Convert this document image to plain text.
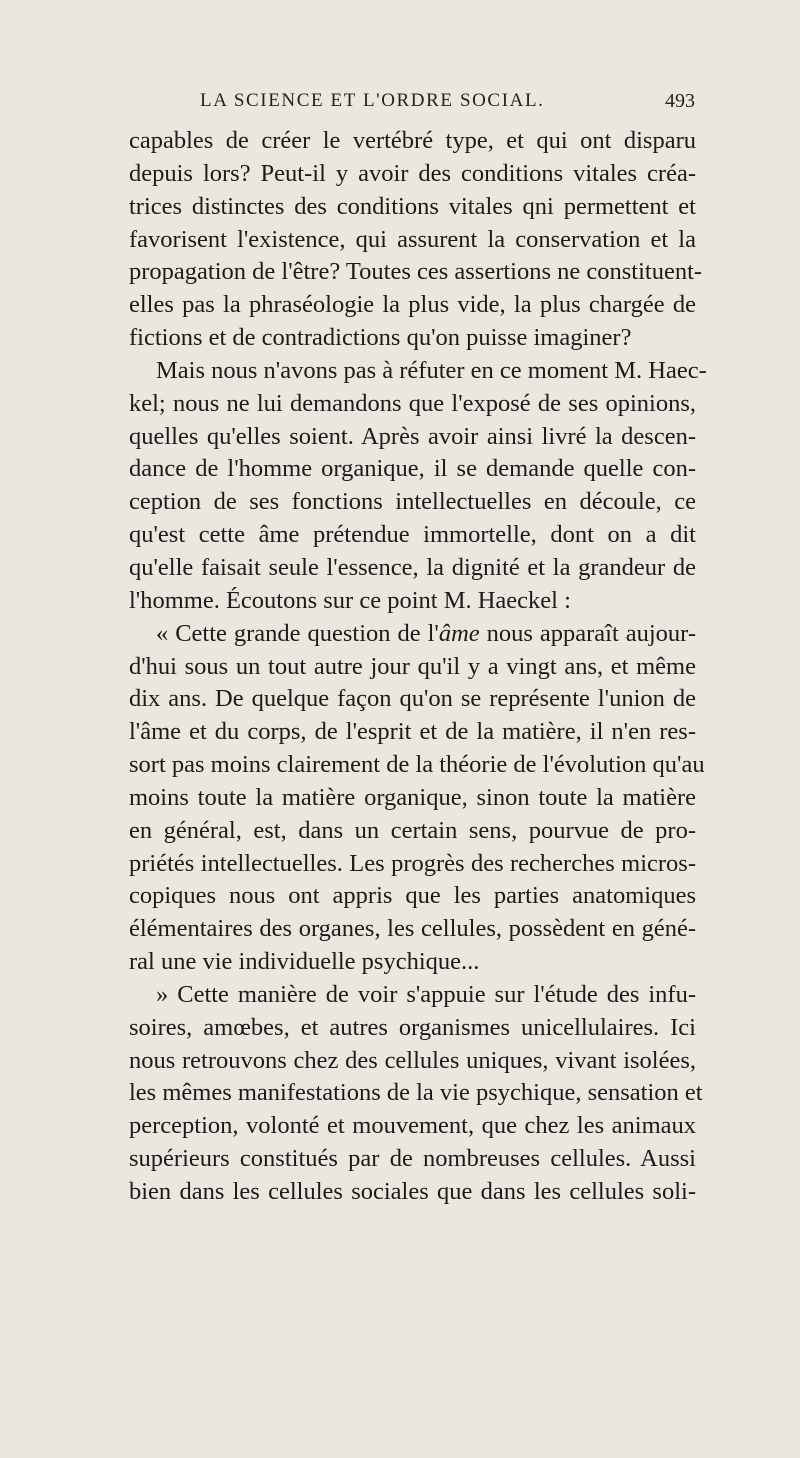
LA SCIENCE ET L'ORDRE SOCIAL.	493
capables de créer le vertébré type, et qui ont disparu
depuis lors? Peut-il y avoir des conditions vitales créa-
trices distinctes des conditions vitales qni permettent et
favorisent l'existence, qui assurent la conservation et la
propagation de l'être? Toutes ces assertions ne constituent-
elles pas la phraséologie la plus vide, la plus chargée de
fictions et de contradictions qu'on puisse imaginer?
Mais nous n'avons pas à réfuter en ce moment M. Haec-
kel; nous ne lui demandons que l'exposé de ses opinions,
quelles qu'elles soient. Après avoir ainsi livré la descen-
dance de l'homme organique, il se demande quelle con-
ception de ses fonctions intellectuelles en découle, ce
qu'est cette âme prétendue immortelle, dont on a dit
qu'elle faisait seule l'essence, la dignité et la grandeur de
l'homme. Écoutons sur ce point M. Haeckel :
« Cette grande question de l'âme nous apparaît aujour-
d'hui sous un tout autre jour qu'il y a vingt ans, et même
dix ans. De quelque façon qu'on se représente l'union de
l'âme et du corps, de l'esprit et de la matière, il n'en res-
sort pas moins clairement de la théorie de l'évolution qu'au
moins toute la matière organique, sinon toute la matière
en général, est, dans un certain sens, pourvue de pro-
priétés intellectuelles. Les progrès des recherches micros-
copiques nous ont appris que les parties anatomiques
élémentaires des organes, les cellules, possèdent en géné-
ral une vie individuelle psychique...
» Cette manière de voir s'appuie sur l'étude des infu-
soires, amœbes, et autres organismes unicellulaires. Ici
nous retrouvons chez des cellules uniques, vivant isolées,
les mêmes manifestations de la vie psychique, sensation et
perception, volonté et mouvement, que chez les animaux
supérieurs constitués par de nombreuses cellules. Aussi
bien dans les cellules sociales que dans les cellules soli-
